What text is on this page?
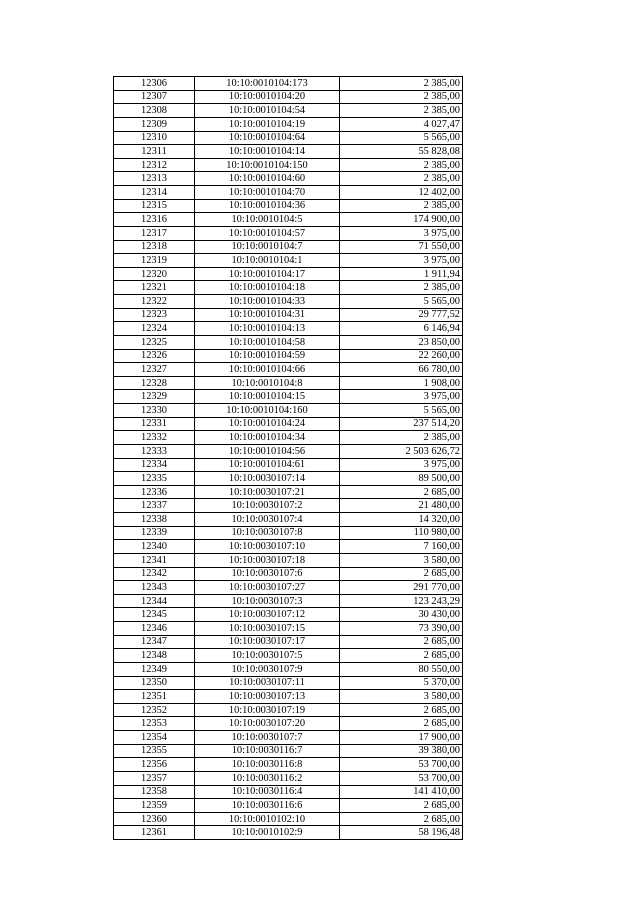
12306	10:10:0010104:173	2 385,00
12307	10:10:0010104:20	2 385,00
12308	10:10:0010104:54	2 385,00
12309	10:10:0010104:19	4 027,47
12310	10:10:0010104:64	5 565,00
12311	10:10:0010104:14	55 828,08
12312	10:10:0010104:150	2 385,00
12313	10:10:0010104:60	2 385,00
12314	10:10:0010104:70	12 402,00
12315	10:10:0010104:36	2 385,00
12316	10:10:0010104:5	174 900,00
12317	10:10:0010104:57	3 975,00
12318	10:10:0010104:7	71 550,00
12319	10:10:0010104:1	3 975,00
12320	10:10:0010104:17	1 911,94
12321	10:10:0010104:18	2 385,00
12322	10:10:0010104:33	5 565,00
12323	10:10:0010104:31	29 777,52
12324	10:10:0010104:13	6 146,94
12325	10:10:0010104:58	23 850,00
12326	10:10:0010104:59	22 260,00
12327	10:10:0010104:66	66 780,00
12328	10:10:0010104:8	1 908,00
12329	10:10:0010104:15	3 975,00
12330	10:10:0010104:160	5 565,00
12331	10:10:0010104:24	237 514,20
12332	10:10:0010104:34	2 385,00
12333	10:10:0010104:56	2 503 626,72
12334	10:10:0010104:61	3 975,00
12335	10:10:0030107:14	89 500,00
12336	10:10:0030107:21	2 685,00
12337	10:10:0030107:2	21 480,00
12338	10:10:0030107:4	14 320,00
12339	10:10:0030107:8	110 980,00
12340	10:10:0030107:10	7 160,00
12341	10:10:0030107:18	3 580,00
12342	10:10:0030107:6	2 685,00
12343	10:10:0030107:27	291 770,00
12344	10:10:0030107:3	123 243,29
12345	10:10:0030107:12	30 430,00
12346	10:10:0030107:15	73 390,00
12347	10:10:0030107:17	2 685,00
12348	10:10:0030107:5	2 685,00
12349	10:10:0030107:9	80 550,00
12350	10:10:0030107:11	5 370,00
12351	10:10:0030107:13	3 580,00
12352	10:10:0030107:19	2 685,00
12353	10:10:0030107:20	2 685,00
12354	10:10:0030107:7	17 900,00
12355	10:10:0030116:7	39 380,00
12356	10:10:0030116:8	53 700,00
12357	10:10:0030116:2	53 700,00
12358	10:10:0030116:4	141 410,00
12359	10:10:0030116:6	2 685,00
12360	10:10:0010102:10	2 685,00
12361	10:10:0010102:9	58 196,48
